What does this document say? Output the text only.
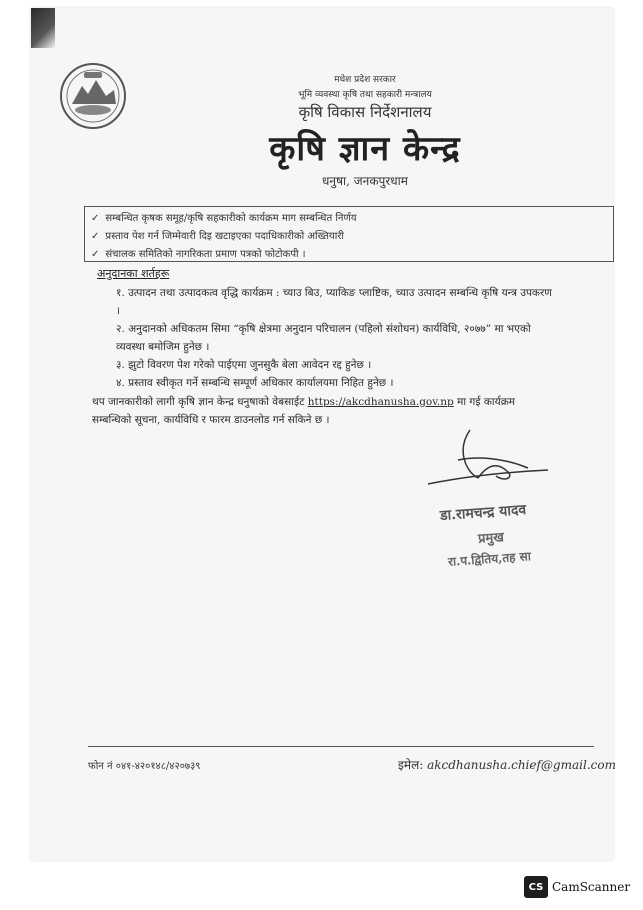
मधेश प्रदेश सरकार
भूमि व्यवस्था कृषि तथा सहकारी मन्त्रालय
कृषि विकास निर्देशनालय
कृषि ज्ञान केन्द्र
धनुषा, जनकपुरधाम
✓ सम्बन्धित कृषक समूह/कृषि सहकारीको कार्यक्रम माग सम्बन्धित निर्णय
✓ प्रस्ताव पेश गर्न जिम्मेवारी दिइ खटाइएका पदाधिकारीको अख्तियारी
✓ संचालक समितिको नागरिकता प्रमाण पत्रको फोटोकपी ।
अनुदानका शर्तहरू
१. उत्पादन तथा उत्पादकत्व वृद्धि कार्यक्रम : च्याउ बिउ, प्याकिङ प्लाष्टिक, च्याउ उत्पादन सम्बन्धि कृषि यन्त्र उपकरण ।
२. अनुदानको अधिकतम सिमा “कृषि क्षेत्रमा अनुदान परिचालन (पहिलो संशोधन) कार्यविधि, २०७७” मा भएको व्यवस्था बमोजिम हुनेछ ।
३. झुटो विवरण पेश गरेको पाईएमा जुनसुकै बेला आवेदन रद्द हुनेछ ।
४. प्रस्ताव स्वीकृत गर्ने सम्बन्धि सम्पूर्ण अधिकार कार्यालयमा निहित हुनेछ ।
थप जानकारीको लागी कृषि ज्ञान केन्द्र धनुषाको वेबसाईट https://akcdhanusha.gov.np मा गई कार्यक्रम सम्बन्धिको सूचना, कार्यविधि र फारम डाउनलोड गर्न सकिने छ ।
डा.रामचन्द्र यादव
प्रमुख
रा.प.द्वितिय,तह सा
फोन नं ०४१-४२०१४८/४२०७३९	इमेल: akcdhanusha.chief@gmail.com
CS CamScanner
